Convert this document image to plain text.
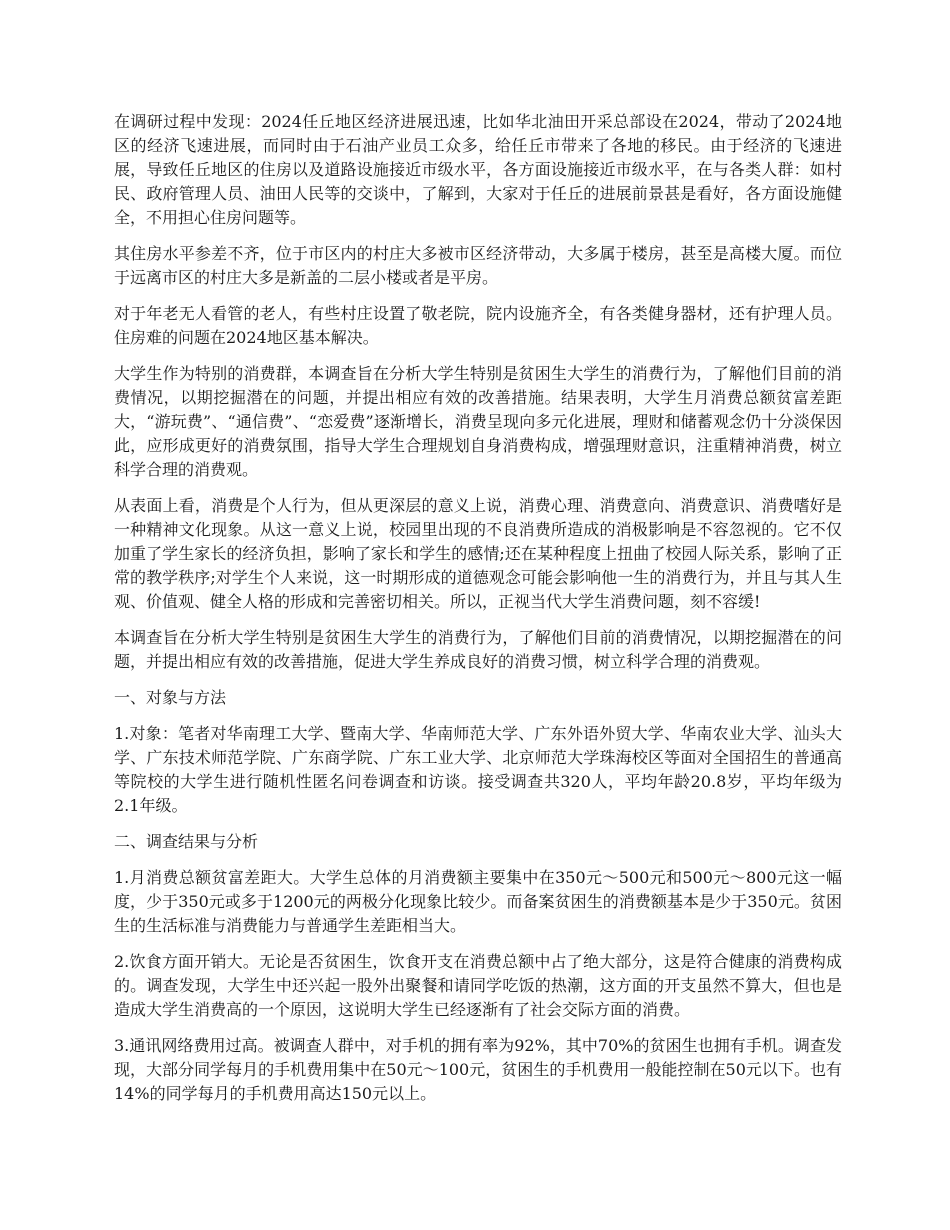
在调研过程中发现：2024任丘地区经济进展迅速，比如华北油田开采总部设在2024，带动了2024地区的经济飞速进展，而同时由于石油产业员工众多，给任丘市带来了各地的移民。由于经济的飞速进展，导致任丘地区的住房以及道路设施接近市级水平，各方面设施接近市级水平，在与各类人群：如村民、政府管理人员、油田人民等的交谈中，了解到，大家对于任丘的进展前景甚是看好，各方面设施健全，不用担心住房问题等。

其住房水平参差不齐，位于市区内的村庄大多被市区经济带动，大多属于楼房，甚至是高楼大厦。而位于远离市区的村庄大多是新盖的二层小楼或者是平房。

对于年老无人看管的老人，有些村庄设置了敬老院，院内设施齐全，有各类健身器材，还有护理人员。住房难的问题在2024地区基本解决。

大学生作为特别的消费群，本调查旨在分析大学生特别是贫困生大学生的消费行为，了解他们目前的消费情况，以期挖掘潜在的问题，并提出相应有效的改善措施。结果表明，大学生月消费总额贫富差距大，“游玩费”、“通信费”、“恋爱费”逐渐增长，消费呈现向多元化进展，理财和储蓄观念仍十分淡保因此，应形成更好的消费氛围，指导大学生合理规划自身消费构成，增强理财意识，注重精神消费，树立科学合理的消费观。

从表面上看，消费是个人行为，但从更深层的意义上说，消费心理、消费意向、消费意识、消费嗜好是一种精神文化现象。从这一意义上说，校园里出现的不良消费所造成的消极影响是不容忽视的。它不仅加重了学生家长的经济负担，影响了家长和学生的感情;还在某种程度上扭曲了校园人际关系，影响了正常的教学秩序;对学生个人来说，这一时期形成的道德观念可能会影响他一生的消费行为，并且与其人生观、价值观、健全人格的形成和完善密切相关。所以，正视当代大学生消费问题，刻不容缓!

本调查旨在分析大学生特别是贫困生大学生的消费行为，了解他们目前的消费情况，以期挖掘潜在的问题，并提出相应有效的改善措施，促进大学生养成良好的消费习惯，树立科学合理的消费观。

一、对象与方法

1.对象：笔者对华南理工大学、暨南大学、华南师范大学、广东外语外贸大学、华南农业大学、汕头大学、广东技术师范学院、广东商学院、广东工业大学、北京师范大学珠海校区等面对全国招生的普通高等院校的大学生进行随机性匿名问卷调查和访谈。接受调查共320人，平均年龄20.8岁，平均年级为2.1年级。

二、调查结果与分析

1.月消费总额贫富差距大。大学生总体的月消费额主要集中在350元～500元和500元～800元这一幅度，少于350元或多于1200元的两极分化现象比较少。而备案贫困生的消费额基本是少于350元。贫困生的生活标准与消费能力与普通学生差距相当大。

2.饮食方面开销大。无论是否贫困生，饮食开支在消费总额中占了绝大部分，这是符合健康的消费构成的。调查发现，大学生中还兴起一股外出聚餐和请同学吃饭的热潮，这方面的开支虽然不算大，但也是造成大学生消费高的一个原因，这说明大学生已经逐渐有了社会交际方面的消费。

3.通讯网络费用过高。被调查人群中，对手机的拥有率为92%，其中70%的贫困生也拥有手机。调查发现，大部分同学每月的手机费用集中在50元～100元，贫困生的手机费用一般能控制在50元以下。也有14%的同学每月的手机费用高达150元以上。
